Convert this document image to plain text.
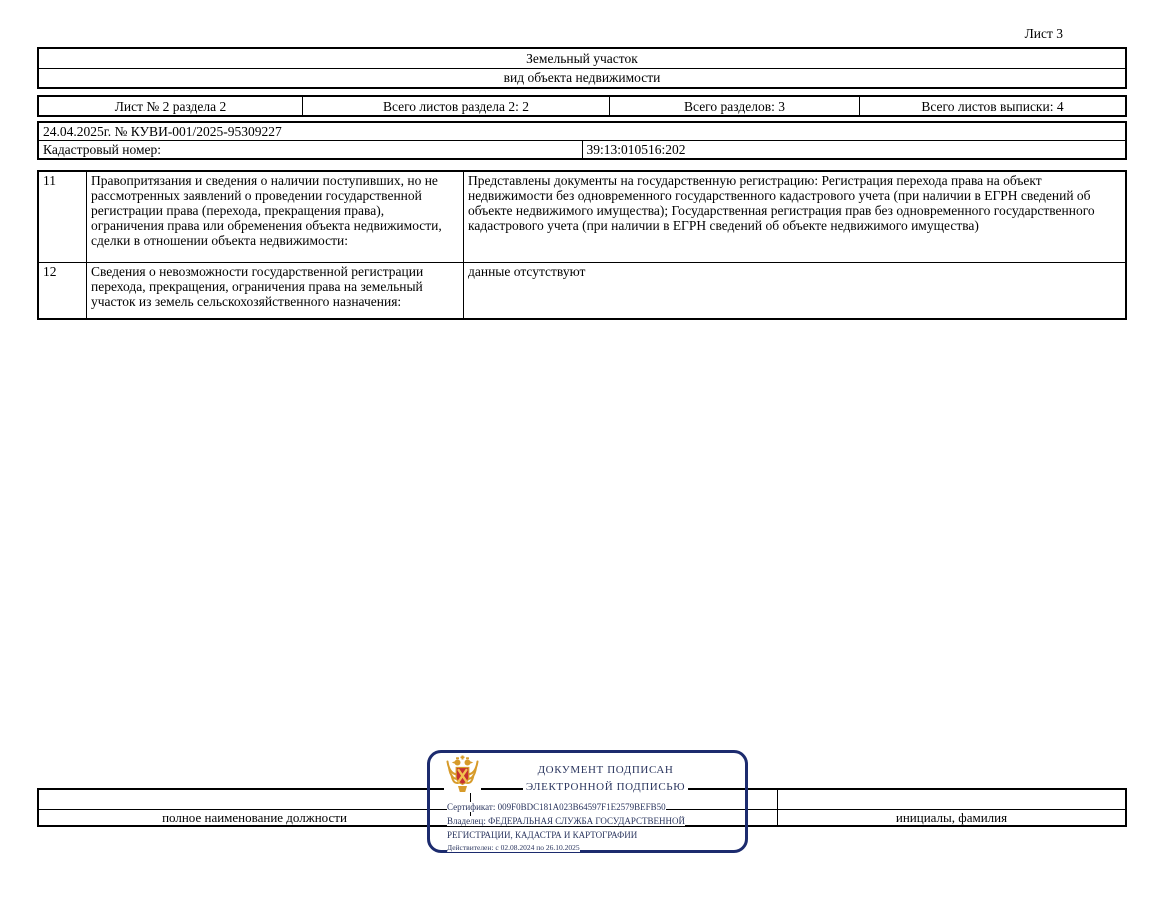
Лист 3
Земельный участок
вид объекта недвижимости
Лист № 2 раздела 2	Всего листов раздела 2: 2	Всего разделов: 3	Всего листов выписки: 4
24.04.2025г. № КУВИ-001/2025-95309227
Кадастровый номер:	39:13:010516:202
11	Правопритязания и сведения о наличии поступивших, но не рассмотренных заявлений о проведении государственной регистрации права (перехода, прекращения права), ограничения права или обременения объекта недвижимости, сделки в отношении объекта недвижимости:	Представлены документы на государственную регистрацию: Регистрация перехода права на объект недвижимости без одновременного государственного кадастрового учета (при наличии в ЕГРН сведений об объекте недвижимого имущества); Государственная регистрация прав без одновременного государственного кадастрового учета (при наличии в ЕГРН сведений об объекте недвижимого имущества)
12	Сведения о невозможности государственной регистрации перехода, прекращения, ограничения права на земельный участок из земель сельскохозяйственного назначения:	данные отсутствуют

полное наименование должности		инициалы, фамилия
ДОКУМЕНТ ПОДПИСАН
ЭЛЕКТРОННОЙ ПОДПИСЬЮ
Сертификат: 009F0BDC181A023B64597F1E2579BEFB50
Владелец: ФЕДЕРАЛЬНАЯ СЛУЖБА ГОСУДАРСТВЕННОЙ РЕГИСТРАЦИИ, КАДАСТРА И КАРТОГРАФИИ
Действителен: с 02.08.2024 по 26.10.2025
